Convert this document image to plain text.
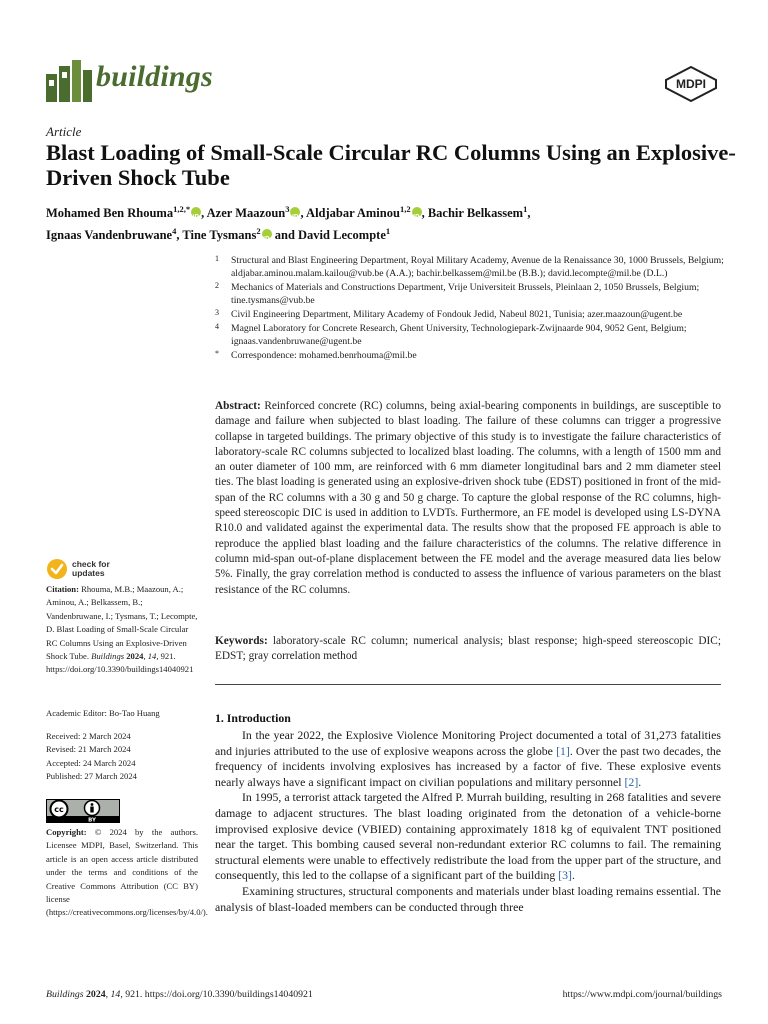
buildings	MDPI
Article
Blast Loading of Small-Scale Circular RC Columns Using an Explosive-Driven Shock Tube
Mohamed Ben Rhouma$^{1,2,*}$ iD , Azer Maazoun$^3$ iD , Aldjabar Aminou$^{1,2}$ iD , Bachir Belkassem$^1$,
Ignaas Vandenbruwane$^4$, Tine Tysmans$^2$iD and David Lecompte$^1$
1	Structural and Blast Engineering Department, Royal Military Academy, Avenue de la Renaissance 30, 1000 Brussels, Belgium; aldjabar.aminou.malam.kailou@vub.be (A.A.); bachir.belkassem@mil.be (B.B.); david.lecompte@mil.be (D.L.)
2	Mechanics of Materials and Constructions Department, Vrije Universiteit Brussels, Pleinlaan 2, 1050 Brussels, Belgium; tine.tysmans@vub.be
3	Civil Engineering Department, Military Academy of Fondouk Jedid, Nabeul 8021, Tunisia; azer.maazoun@ugent.be
4	Magnel Laboratory for Concrete Research, Ghent University, Technologiepark-Zwijnaarde 904, 9052 Gent, Belgium; ignaas.vandenbruwane@ugent.be
*	Correspondence: mohamed.benrhouma@mil.be
Abstract: Reinforced concrete (RC) columns, being axial-bearing components in buildings, are susceptible to damage and failure when subjected to blast loading. The failure of these columns can trigger a progressive collapse in targeted buildings. The primary objective of this study is to investigate the failure characteristics of laboratory-scale RC columns subjected to localized blast loading. The columns, with a length of 1500 mm and an outer diameter of 100 mm, are reinforced with 6 mm diameter longitudinal bars and 2 mm diameter steel ties. The blast loading is generated using an explosive-driven shock tube (EDST) positioned in front of the mid-span of the RC columns with a 30 g and 50 g charge. To capture the global response of the RC columns, high-speed stereoscopic DIC is used in addition to LVDTs. Furthermore, an FE model is developed using LS-DYNA R10.0 and validated against the experimental data. The results show that the proposed FE approach is able to reproduce the applied blast loading and the failure characteristics of the columns. The relative difference in column mid-span out-of-plane displacement between the FE model and the average measured data lies below 5%. Finally, the gray correlation method is conducted to assess the influence of various parameters on the blast resistance of the RC columns.
Keywords: laboratory-scale RC column; numerical analysis; blast response; high-speed stereoscopic DIC; EDST; gray correlation method
1. Introduction

In the year 2022, the Explosive Violence Monitoring Project documented a total of 31,273 fatalities and injuries attributed to the use of explosive weapons across the globe [1]. Over the past two decades, the frequency of incidents involving explosives has increased by a factor of five. These explosive events nearly always have a significant impact on civilian populations and military personnel [2].

In 1995, a terrorist attack targeted the Alfred P. Murrah building, resulting in 268 fatalities and severe damage to adjacent structures. The blast loading originated from the detonation of a vehicle-borne improvised explosive device (VBIED) containing approximately 1818 kg of equivalent TNT positioned near the target. This bombing caused several non-redundant exterior RC columns to fail. The remaining structural elements were unable to effectively redistribute the load from the upper part of the structure, and consequently, this led to the collapse of a significant part of the building [3].

Examining structures, structural components and materials under blast loading remains essential. The analysis of blast-loaded members can be conducted through three

check for
updates
Citation: Rhouma, M.B.; Maazoun, A.; Aminou, A.; Belkassem, B.; Vandenbruwane, I.; Tysmans, T.; Lecompte, D. Blast Loading of Small-Scale Circular RC Columns Using an Explosive-Driven Shock Tube. Buildings 2024, 14, 921. https://doi.org/10.3390/buildings14040921
Academic Editor: Bo-Tao Huang
Received: 2 March 2024
Revised: 21 March 2024
Accepted: 24 March 2024
Published: 27 March 2024
cc
BY
Copyright: © 2024 by the authors. Licensee MDPI, Basel, Switzerland. This article is an open access article distributed under the terms and conditions of the Creative Commons Attribution (CC BY) license (https://creativecommons.org/licenses/by/4.0/).
Buildings 2024, 14, 921. https://doi.org/10.3390/buildings14040921	https://www.mdpi.com/journal/buildings
